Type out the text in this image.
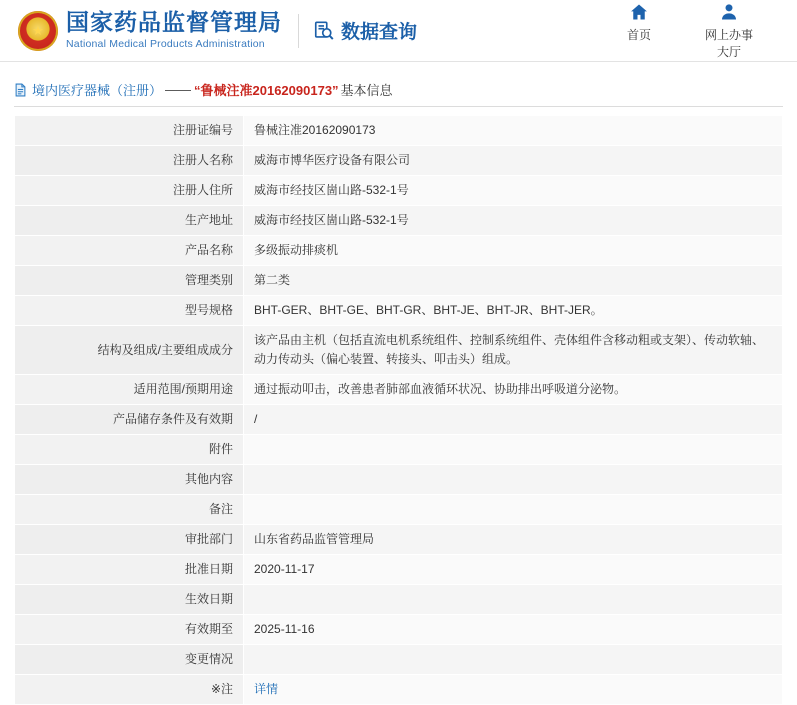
★
国家药品监督管理局
National Medical Products Administration
数据查询	首页	网上办事大厅
境内医疗器械（注册） —— “鲁械注准20162090173” 基本信息
注册证编号	鲁械注准20162090173
注册人名称	威海市博华医疗设备有限公司
注册人住所	威海市经技区崮山路-532-1号
生产地址	威海市经技区崮山路-532-1号
产品名称	多级振动排痰机
管理类别	第二类
型号规格	BHT-GER、BHT-GE、BHT-GR、BHT-JE、BHT-JR、BHT-JER。
结构及组成/主要组成成分	该产品由主机（包括直流电机系统组件、控制系统组件、壳体组件含移动粗或支架）、传动软轴、动力传动头（偏心装置、转接头、叩击头）组成。
适用范围/预期用途	通过振动叩击，改善患者肺部血液循环状况、协助排出呼吸道分泌物。
产品储存条件及有效期	/
附件	
其他内容	
备注	
审批部门	山东省药品监管管理局
批准日期	2020-11-17
生效日期	
有效期至	2025-11-16
变更情况	
※注	详情
